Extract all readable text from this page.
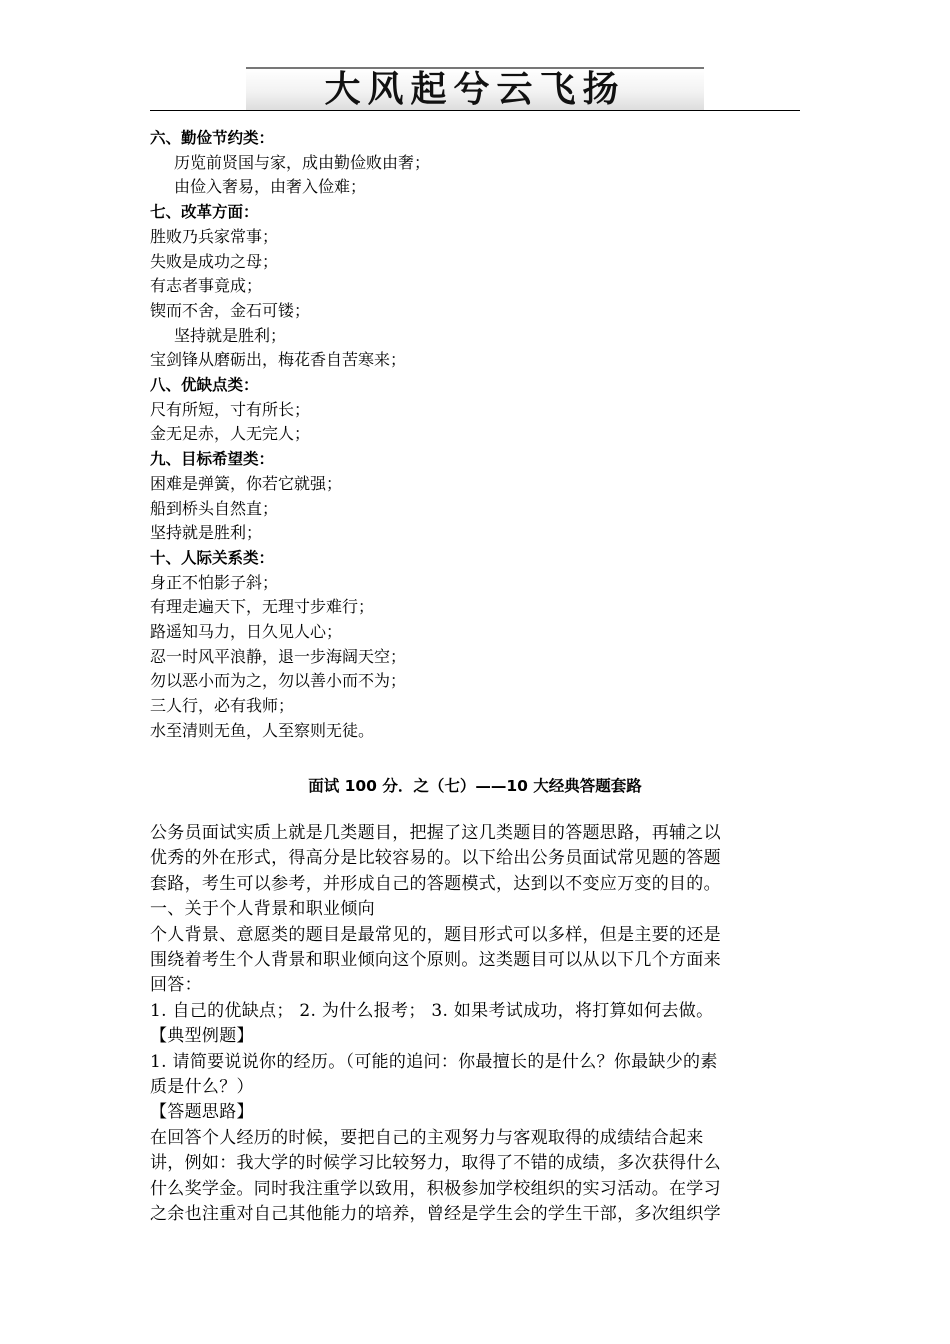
大风起兮云飞扬
六、勤俭节约类：
历览前贤国与家，成由勤俭败由奢；
由俭入奢易，由奢入俭难；
七、改革方面：
胜败乃兵家常事；
失败是成功之母；
有志者事竟成；
锲而不舍，金石可镂；
坚持就是胜利；
宝剑锋从磨砺出，梅花香自苦寒来；
八、优缺点类：
尺有所短，寸有所长；
金无足赤，人无完人；
九、目标希望类：
困难是弹簧，你若它就强；
船到桥头自然直；
坚持就是胜利；
十、人际关系类：
身正不怕影子斜；
有理走遍天下，无理寸步难行；
路遥知马力，日久见人心；
忍一时风平浪静，退一步海阔天空；
勿以恶小而为之，勿以善小而不为；
三人行，必有我师；
水至清则无鱼，人至察则无徒。
面试 100 分．之（七）——10 大经典答题套路
公务员面试实质上就是几类题目，把握了这几类题目的答题思路，再辅之以
优秀的外在形式，得高分是比较容易的。以下给出公务员面试常见题的答题
套路，考生可以参考，并形成自己的答题模式，达到以不变应万变的目的。
一、关于个人背景和职业倾向
个人背景、意愿类的题目是最常见的，题目形式可以多样，但是主要的还是
围绕着考生个人背景和职业倾向这个原则。这类题目可以从以下几个方面来
回答：
1. 自己的优缺点； 2. 为什么报考； 3. 如果考试成功，将打算如何去做。
【典型例题】
1. 请简要说说你的经历。（可能的追问：你最擅长的是什么？你最缺少的素
质是什么？）
【答题思路】
在回答个人经历的时候，要把自己的主观努力与客观取得的成绩结合起来
讲，例如：我大学的时候学习比较努力，取得了不错的成绩，多次获得什么
什么奖学金。同时我注重学以致用，积极参加学校组织的实习活动。在学习
之余也注重对自己其他能力的培养，曾经是学生会的学生干部，多次组织学
